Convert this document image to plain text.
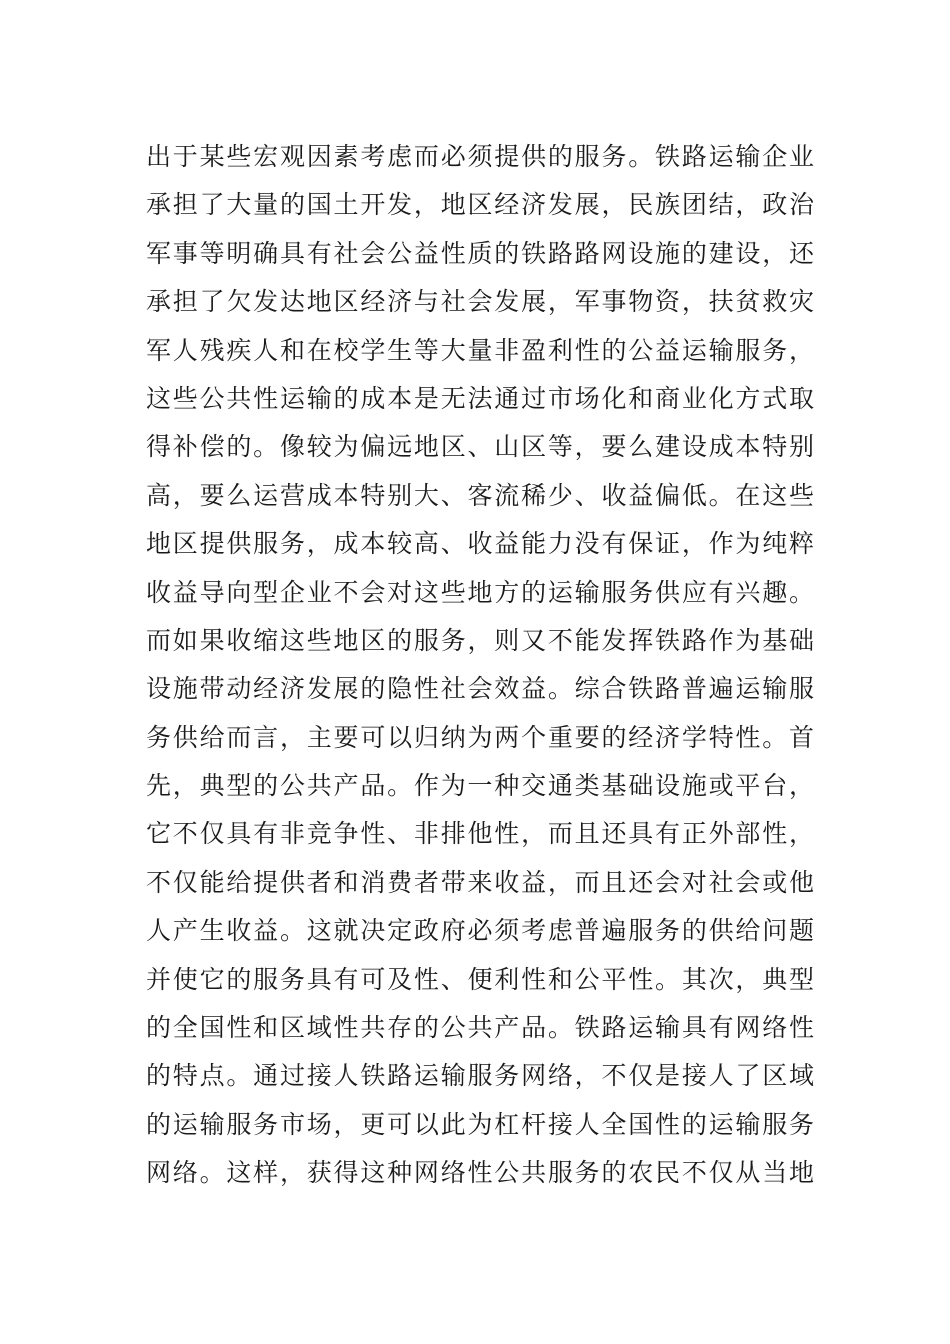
出于某些宏观因素考虑而必须提供的服务。铁路运输企业
承担了大量的国土开发，地区经济发展，民族团结，政治
军事等明确具有社会公益性质的铁路路网设施的建设，还
承担了欠发达地区经济与社会发展，军事物资，扶贫救灾
军人残疾人和在校学生等大量非盈利性的公益运输服务，
这些公共性运输的成本是无法通过市场化和商业化方式取
得补偿的。像较为偏远地区、山区等，要么建设成本特别
高，要么运营成本特别大、客流稀少、收益偏低。在这些
地区提供服务，成本较高、收益能力没有保证，作为纯粹
收益导向型企业不会对这些地方的运输服务供应有兴趣。
而如果收缩这些地区的服务，则又不能发挥铁路作为基础
设施带动经济发展的隐性社会效益。综合铁路普遍运输服
务供给而言，主要可以归纳为两个重要的经济学特性。首
先，典型的公共产品。作为一种交通类基础设施或平台，
它不仅具有非竞争性、非排他性，而且还具有正外部性，
不仅能给提供者和消费者带来收益，而且还会对社会或他
人产生收益。这就决定政府必须考虑普遍服务的供给问题
并使它的服务具有可及性、便利性和公平性。其次，典型
的全国性和区域性共存的公共产品。铁路运输具有网络性
的特点。通过接人铁路运输服务网络，不仅是接人了区域
的运输服务市场，更可以此为杠杆接人全国性的运输服务
网络。这样，获得这种网络性公共服务的农民不仅从当地
